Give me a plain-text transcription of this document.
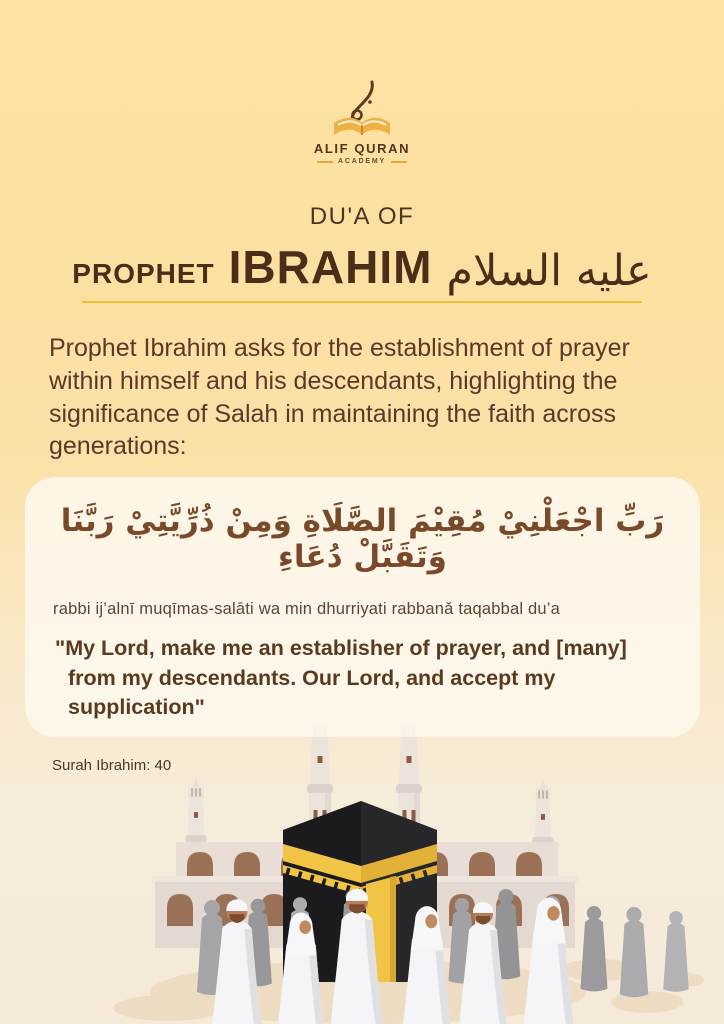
ALIF QURAN
ACADEMY
DU'A OF
PROPHET IBRAHIM عليه السلام
Prophet Ibrahim asks for the establishment of prayer within himself and his descendants, highlighting the significance of Salah in maintaining the faith across generations:
رَبِّ اجْعَلْنِيْ مُقِيْمَ الصَّلَاةِ وَمِنْ ذُرِّيَّتِيْ رَبَّنَا وَتَقَبَّلْ دُعَاءِ
rabbi ij’alnī muqīmas-salāti wa min dhurriyati rabbanǎ taqabbal du’a
"My Lord, make me an establisher of prayer, and [many] from my descendants. Our Lord, and accept my supplication"
Surah Ibrahim: 40
